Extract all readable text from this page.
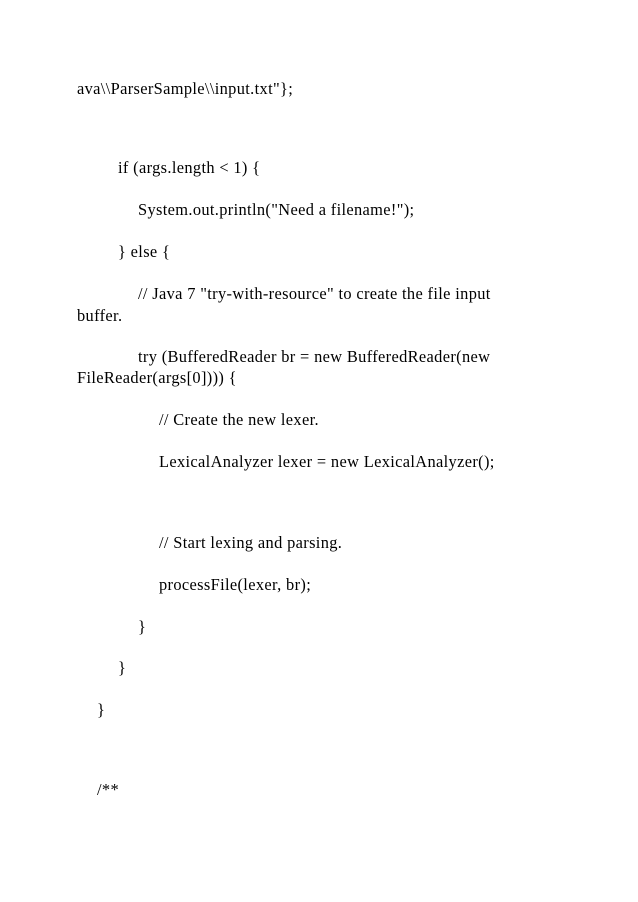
ava\\ParserSample\\input.txt"};
if (args.length < 1) {
System.out.println("Need a filename!");
} else {
// Java 7 "try-with-resource" to create the file input
buffer.
try (BufferedReader br = new BufferedReader(new
FileReader(args[0]))) {
// Create the new lexer.
LexicalAnalyzer lexer = new LexicalAnalyzer();
// Start lexing and parsing.
processFile(lexer, br);
}
}
}
/**
